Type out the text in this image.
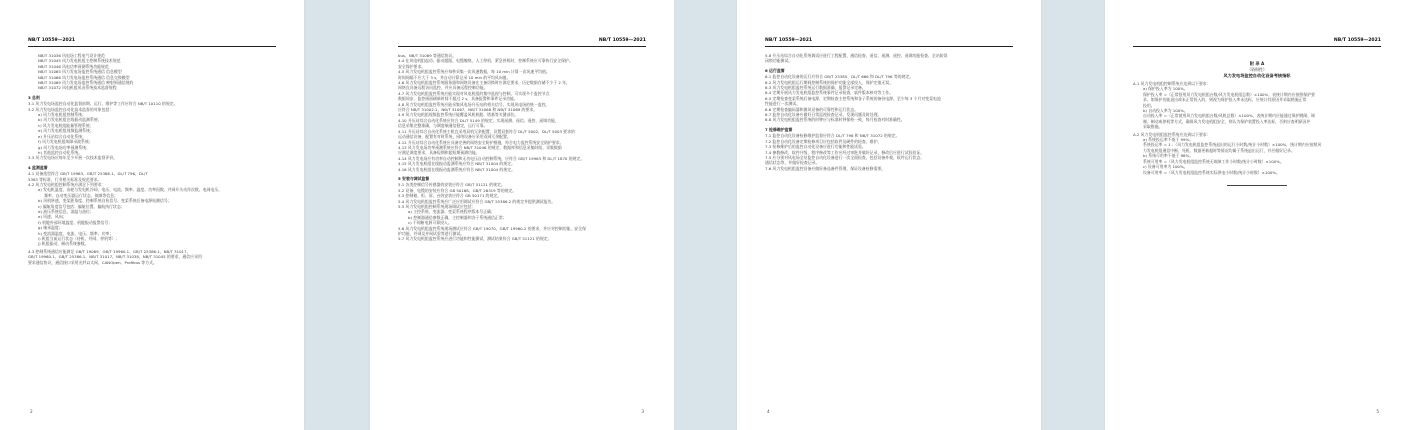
NB/T 10559—2021
NB/T 31036 风电场工程电气设计规范
NB/T 31045 风力发电机组主控制系统技术规范
NB/T 31046 风电功率预测系统功能规范
NB/T 31065 风力发电场监控系统通信 信息模型
NB/T 31066 风力发电场监控系统通信 信息交换模型
NB/T 31069 风力发电场监控系统通信 映射到通信规约
NB/T 31072 风电机组风况系统技术监督规程
3 总则
3.1 风力发电场监控自动化监督前期、运行、维护等工作应符合 NB/T 10110 的规定。
3.2 风力发电场监控自动化技术监督的对象包括：
a) 风力发电机组控制系统；
b) 风力发电机组在线振动监测系统；
c) 风力发电机组能量管理系统；
d) 风力发电机组视频监测系统；
e) 升压站综合自动化系统；
f) 风力发电机组故障录波系统；
g) 风力发电场功率预测系统；
h) 其他监控自动化系统。
3.3 风力发电场应每年至少开展一次技术监督评价。
4 监测监督
4.1 设备选型符合 GB/T 19963、GB/T 25386.1、DL/T 796、DL/T
5383 等标准，行业相关标准及规范要求。
4.2 风力发电机组控制系统应满足下列要求：
a) 发电机温度、齿轮与发电机冷却、电压、电流、频率、温度、功率因数、并网开关动作次数、电网电压、
频率、自动变压器运行状态、故障等信息；
b) 风机转速、变桨距角度、控制系统自检信号、变桨系统后备电源检测信号；
c) 偏航角度信号包括：偏航位置、偏航执行状态；
d) 液压系统信息，油温与油位；
e) 风速、风向；
f) 机舱外部环境温度、机舱振动报警信号；
g) 轴承温度；
h) 变流器温度、电流、电压、频率、功率；
i) 机组当前运行状态（待机、并网、停机等）；
j) 机组振动、制动系统参数。
4.3 控制系统通信应能满足 GB/T 19069、GB/T 19960.1、GB/T 25386.1、NB/T 31017、
GB/T 19960.1、GB/T 25386.1、NB/T 31017、NB/T 31038、NB/T 31045 的要求，通信应采用
要求通信协议，通信接口采用光纤以太网、CANOpen、Profibus 等方式。
2
NB/T 10559—2021
bus、NB/T 31069 等通信协议。
4.4 在风电机组起动、振动超限、电缆缠绕、人工停机、紧急停机时，控制系统应可靠执行安全保护。
安全保护要求。
4.5 风力发电机组监控系统应每秒采集一次风速数据，每 10 min 计算一次风速平均值。
时间间隔不应大于 3 s，并自动计算记录 10 min 的平均风向值。
4.6 风力发电机组监控系统服务器和网络设备在主备切换时应满足要求，历史数据存储不少于 2 年，
网络宜具备远程访问监控，并应具备远程控制功能。
4.7 风力发电机组监控系统应能实现对风电机组的集中监视与控制，可实现多个监控节点
数据同步，监控画面刷新时间不超过 2 s，具备报警和事件记录功能。
4.8 风力发电机组监控系统应能采集风电场升压站的相关信号，实现风电场的统一监控。
应符合 NB/T 31002.1、NB/T 31067、NB/T 31068 和 NB/T 31069 的要求。
4.9 风力发电机组视频监控系统应能覆盖风机机舱、塔基等关键部位。
4.10 升压站综合自动化系统应符合 DL/T 5149 的规定，实现遥测、遥信、遥控、遥调功能，
信息采集完整准确，与调度端通信稳定，运行可靠。
4.11 升压站综合自动化系统主机宜采用双机冗余配置，设置双套符合 DL/T 5002、DL/T 5003 要求的
远动通信设备，配置有对时系统，网络设备应采用双网冗余配置。
4.12 升压站综合自动化系统应具备完善的网络安全防护措施，符合电力监控系统安全防护要求。
4.13 风力发电场功率预测系统应符合 NB/T 31046 的规定，数据库和信息采集时间、采集数据
应满足调度要求，具备短期和超短期预测功能。
4.14 风力发电场应有功率自动控制和无功电压自动控制系统，应符合 GB/T 19963 和 DL/T 1870 的规定。
4.15 风力发电机组在线振动监测系统应符合 NB/T 31004 的规定。
4.16 风力发电机组在线振动监测系统应符合 NB/T 31004 的规定。
5 安装与调试监督
5.1 各类控制信号传感器的安装应符合 GB/T 51121 的规定。
5.2 设备、电缆的安装应符合 GB 50168、GB/T 26319 等的规定。
5.3 控制箱、柜、屏、台的安装应符合 GB 50171 的规定。
5.4 风力发电机组监控系统应广泛应用调试应符合 GB/T 25386.2 的规定并提供测试报告。
5.5 风力发电机组控制系统现场调试应包括：
a) 主控系统、变流器、变桨系统程序版本号正确；
b) 控制器通信参数正确，主控制器和各子系统通信正常；
c) 不间断电源可靠投入。
5.6 风力发电机组监控系统现场测试应符合 GB/T 19070、GB/T 19960.2 的要求，并应对控制功能、安全保
护功能，并网及并网试验等进行测试。
5.7 风力发电机组监控系统应进行功能和性能测试，测试结果符合 GB/T 51121 的规定。
3
NB/T 10559—2021
5.8 升压站综合自动化系统调试应进行工程配置、通信检查、遥信、遥测、遥控、遥调功能检查、全站防误
闭锁功能测试。
6 运行监督
6.1 监控自动化设备的运行应符合 GB/T 25385、DL/T 666 和 DL/T 796 等的规定。
6.2 风力发电机组运行期间控制系统的保护功能全部投入，保护定值无误。
6.3 风力发电机组监控系统运行数据准确，报警记录完备。
6.4 定期开展风力发电机组监控系统事件记录检查，软件版本核对等工作。
6.5 定期检查变桨系统后备电源，定期检查主控系统和各子系统的备份电源，至少每 3 个月对变桨电池
性能进行一次测试。
6.6 定期检查编码器和测风设备的可靠性和运行状态。
6.7 监控自动化设备应做好日常巡视检查记录，发现问题及时处理。
6.8 风力发电机组监控系统的时钟应与标准时钟保持一致，每月检查对时准确性。
7 检修维护监督
7.1 监控自动化设备检修维护监督应符合 DL/T 796 和 NB/T 31072 的规定。
7.2 监控自动化设备定期检修项目应包括软件及硬件的检查、维护。
7.3 检修维护后的监控自动化设备应进行功能和性能试验。
7.4 参数修改、软件升级、程序修改等工作应经过审批并做好记录，修改后应进行试验验证。
7.5 应分别对风电场全站监控自动化设备进行一次全面检查，包括设备外观、软件运行状态、
通信状态等，并做好检查记录。
7.6 风力发电机组监控设备应做好备品备件管理，保证设备检修需要。
4
NB/T 10559—2021
附 录 A
（资料性）
风力发电场监控自动化设备考核指标
A.1 风力发电机组控制系统应达到以下要求：
a) 保护投入率为 100%。
保护投入率 =（正常投用风力发电机组台数/风力发电机组总数）×100%，表统计期内应按照保护要
求，如保护功能退出或未正常投入的，则视为保护投入率未达标，应统计其原因并采取措施正常
投用。
b) 自动投入率为 100%。
自动投入率 =（正常使用风力发电机组台数/风机总数）×100%，表统计期内应能通过保护跳闸、调
制、制动或停机等方式，确保风力发电机组安全，则认为保护装置投入率达标，否则应查明原因并
采取措施。
A.2 风力发电机组监控系统应达到以下要求：
a) 系统投运率不低于 99%。
系统投运率 = 1 -（风力发电机组监控系统退出的运行小时数/统计小时数）×100%，统计期内应按照风
力发电机组通信中断、死机、数据更新超时等情况均属于系统退出运行，并应做好记录。
b) 系统可用率不低于 98%。
系统可用率 =（风力发电机组监控系统无故障工作小时数/统计小时数）×100%。
c) 设备可用率为 100%。
设备可用率 =（风力发电机组监控系统实际供电小时数/统计小时数）×100%。
5
